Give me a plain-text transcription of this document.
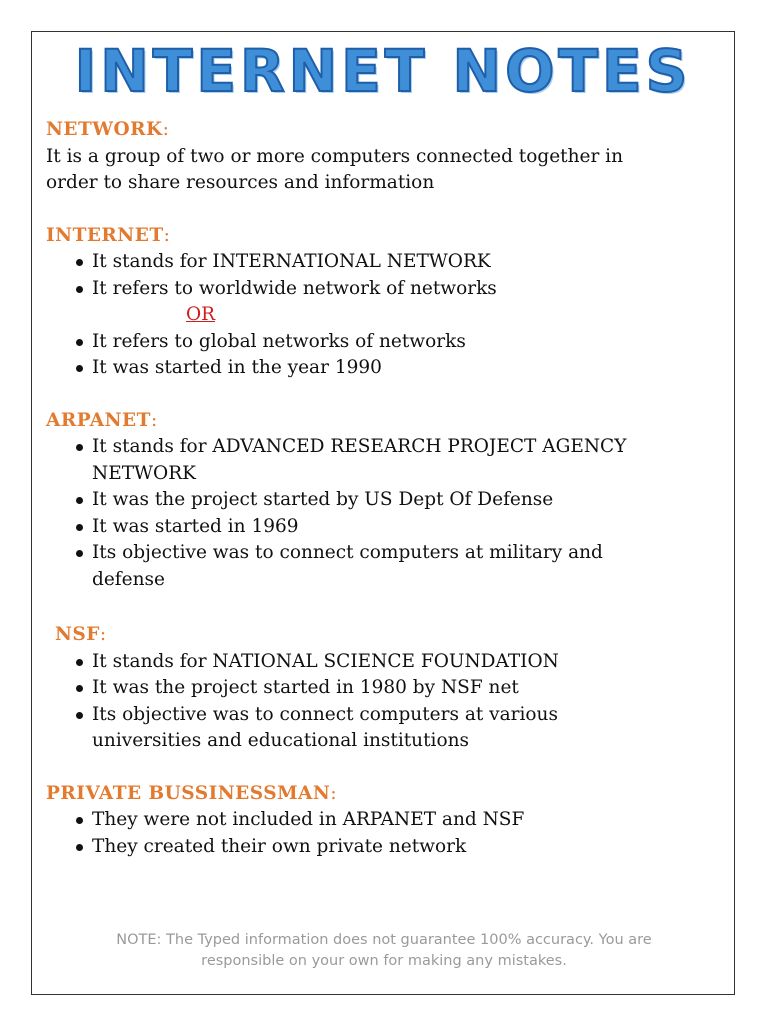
INTERNET NOTES

NETWORK:

It is a group of two or more computers connected together in
order to share resources and information

INTERNET:

It stands for INTERNATIONAL NETWORK
It refers to worldwide network of networks
OR
It refers to global networks of networks
It was started in the year 1990

ARPANET:

It stands for ADVANCED RESEARCH PROJECT AGENCY
NETWORK
It was the project started by US Dept Of Defense
It was started in 1969
Its objective was to connect computers at military and
defense

NSF:

It stands for NATIONAL SCIENCE FOUNDATION
It was the project started in 1980 by NSF net
Its objective was to connect computers at various
universities and educational institutions

PRIVATE BUSSINESSMAN:

They were not included in ARPANET and NSF
They created their own private network
NOTE: The Typed information does not guarantee 100% accuracy. You are
responsible on your own for making any mistakes.
